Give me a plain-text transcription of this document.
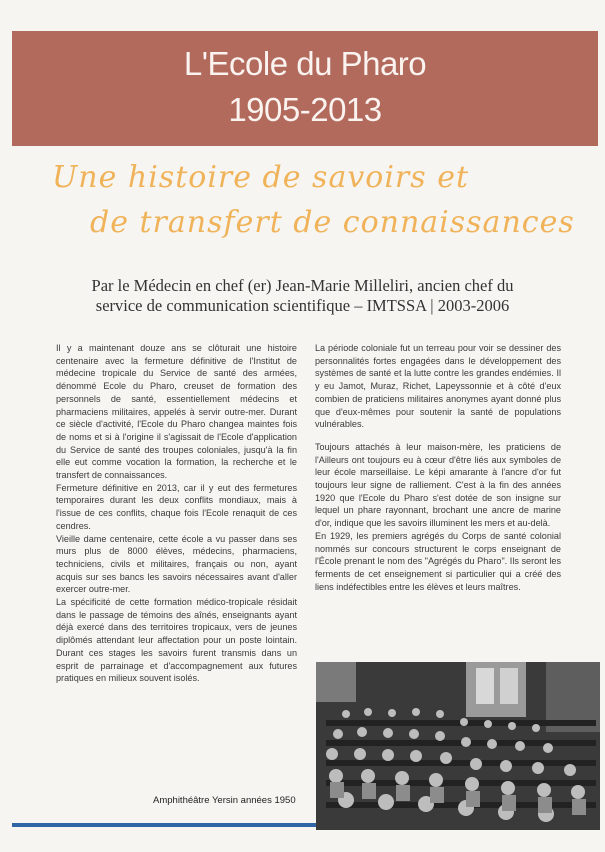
L'Ecole du Pharo
1905-2013
Une histoire de savoirs et
de transfert de connaissances
Par le Médecin en chef (er) Jean-Marie Milleliri, ancien chef du
service de communication scientifique – IMTSSA | 2003-2006

Il y a maintenant douze ans se clôturait une histoire centenaire avec la fermeture définitive de l'Institut de médecine tropicale du Service de santé des armées, dénommé Ecole du Pharo, creuset de formation des personnels de santé, essentiellement médecins et pharmaciens militaires, appelés à servir outre-mer. Durant ce siècle d'activité, l'Ecole du Pharo changea maintes fois de noms et si à l'origine il s'agissait de l'Ecole d'application du Service de santé des troupes coloniales, jusqu'à la fin elle eut comme vocation la formation, la recherche et le transfert de connaissances.

Fermeture définitive en 2013, car il y eut des fermetures temporaires durant les deux conflits mondiaux, mais à l'issue de ces conflits, chaque fois l'Ecole renaquit de ces cendres.

Vieille dame centenaire, cette école a vu passer dans ses murs plus de 8000 élèves, médecins, pharmaciens, techniciens, civils et militaires, français ou non, ayant acquis sur ses bancs les savoirs nécessaires avant d'aller exercer outre-mer.

La spécificité de cette formation médico-tropicale résidait dans le passage de témoins des aînés, enseignants ayant déjà exercé dans des territoires tropicaux, vers de jeunes diplômés attendant leur affectation pour un poste lointain. Durant ces stages les savoirs furent transmis dans un esprit de parrainage et d'accompagnement aux futures pratiques en milieux souvent isolés.

La période coloniale fut un terreau pour voir se dessiner des personnalités fortes engagées dans le développement des systèmes de santé et la lutte contre les grandes endémies. Il y eu Jamot, Muraz, Richet, Lapeyssonnie et à côté d'eux combien de praticiens militaires anonymes ayant donné plus que d'eux-mêmes pour soutenir la santé de populations vulnérables.

Toujours attachés à leur maison-mère, les praticiens de l'Ailleurs ont toujours eu à cœur d'être liés aux symboles de leur école marseillaise. Le képi amarante à l'ancre d'or fut toujours leur signe de ralliement. C'est à la fin des années 1920 que l'Ecole du Pharo s'est dotée de son insigne sur lequel un phare rayonnant, brochant une ancre de marine d'or, indique que les savoirs illuminent les mers et au-delà.

En 1929, les premiers agrégés du Corps de santé colonial nommés sur concours structurent le corps enseignant de l'École prenant le nom des "Agrégés du Pharo". Ils seront les ferments de cet enseignement si particulier qui a créé des liens indéfectibles entre les élèves et leurs maîtres.

Amphithéâtre Yersin années 1950
